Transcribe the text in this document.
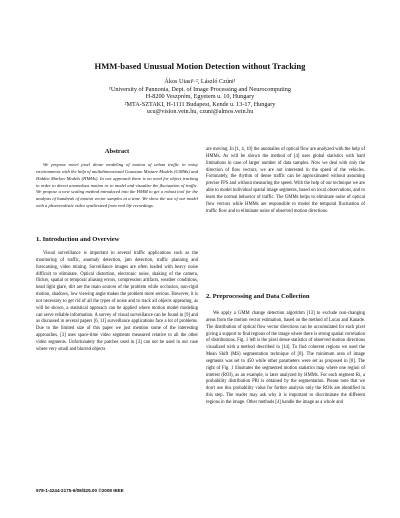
HMM-based Unusual Motion Detection without Tracking
Ákos Utasi¹·², László Czúni¹
¹University of Pannonia, Dept. of Image Processing and Neurocomputing
H-8200 Veszprém, Egyetem u. 10, Hungary
²MTA-SZTAKI, H-1111 Budapest, Kende u. 13-17, Hungary
ucu@vision.vein.hu, czuni@almos.vein.hu
Abstract

We propose novel pixel dense modeling of motion of urban traffic in noisy environments with the help of multidimensional Gaussian Mixture Models (GMMs) and Hidden Markov Models (HMMs). In our approach there is no need for object tracking in order to detect anomalous motion or to model and visualize the fluctuation of traffic. We propose a new scaling method introduced into the HMM to get a robust tool for the analysis of hundreds of motion vector samples at a time. We show the use of our model with a photorealistic video synthesized from real life recordings.

1. Introduction and Overview

Visual surveillance is important in several traffic applications such as the monitoring of traffic, anomaly detection, jam detection, traffic planning and forecasting, video mining. Surveillance images are often loaded with heavy noise difficult to eliminate. Optical distortion, electronic noise, shaking of the camera, flicker, spatial or temporal aliasing errors, compression artifacts, weather conditions, head light glare, dirt are the main sources of the problem while occlusion, non-rigid motion, shadows, low viewing angle makes the problem more serious. However, it is not necessary to get rid of all the types of noise and to track all objects appearing, as will be shown, a statistical approach can be applied where motion model modeling can serve reliable information. A survey of visual surveillance can be found in [9] and as discussed in several papers [6, 11] surveillance applications face a lot of problems. Due to the limited size of this paper we just mention some of the interesting approaches. [3] uses space-time video segments measured relative to all the other video segments. Unfortunately the patches used in [3] can not be used in our case where very small and blurred objects

are moving. In [1, 4, 10] the anomalies of optical flow are analyzed with the help of HMMs. As will be shown the method of [4] uses global statistics with hard limitations in case of larger number of data samples. Now we deal with only the direction of flow vectors, we are not interested in the speed of the vehicles. Fortunately, the rhythm of dense traffic can be approximated without assuming precise FPS and without measuring the speed. With the help of our technique we are able to model individual spatial image segments, based on local observations, and to learn the normal behavior of traffic. The GMMs helps to eliminate noise of optical flow vectors while HMMs are responsible to model the temporal fluctuation of traffic flow and to eliminate noise of observed motion directions.

2. Preprocessing and Data Collection

We apply a GMM change detection algorithm [13] to exclude non-changing areas from the motion vector estimation, based on the method of Lucas and Kanade. The distribution of optical flow vector directions can be accumulated for each pixel giving a support to find regions of the image where there is strong spatial correlation of distributions. Fig. 1 left is the pixel dense statistics of observed motion directions visualized with a method described in [14]. To find coherent regions we used the Mean Shift (MS) segmentation technique of [8]. The minimum area of image segments was set to 450 while other parameters were set as proposed in [8]. The right of Fig. 1 illustrates the segmented motion statistics map where one region of interest (ROI), as an example, is later analyzed by HMMs. For each segment Ri, a probability distribution PRi is obtained by the segmentation. Please note that we don't use this probability value for further analysis only the ROIs are identified in this step. The reader may ask why it is important to discriminate the different regions in the image. Other methods [4] handle the image as a whole and

978-1-4244-2175-6/08/$25.00 ©2008 IEEE
